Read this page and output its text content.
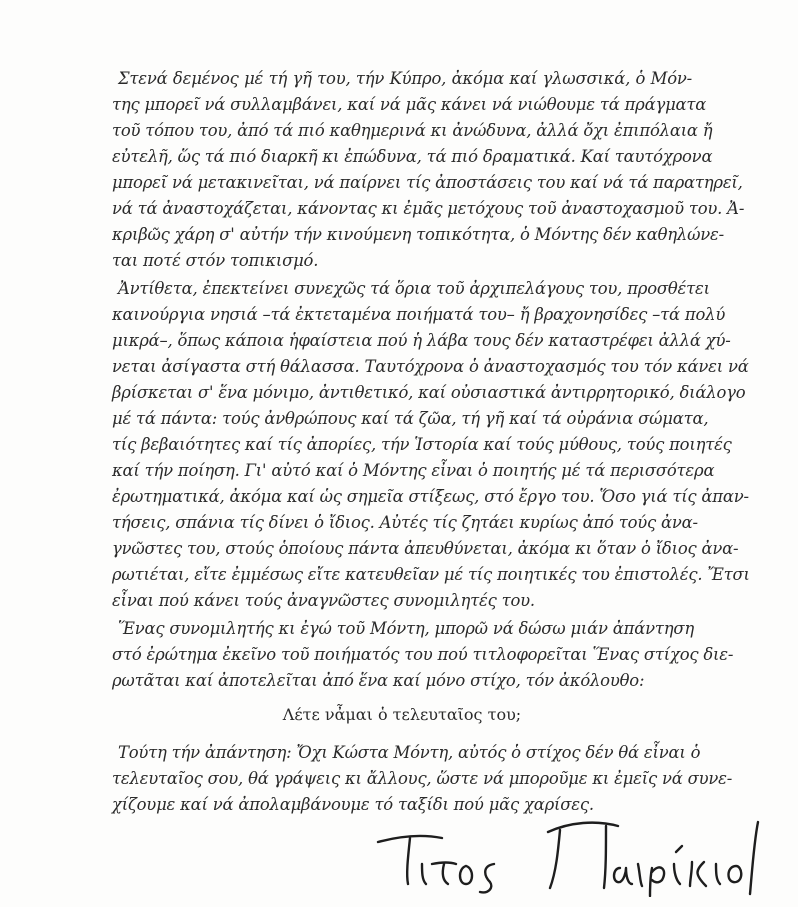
Στενά δεμένος μέ τή γῆ του, τήν Κύπρο, ἀκόμα καί γλωσσικά, ὁ Μόν-
της μπορεῖ νά συλλαμβάνει, καί νά μᾶς κάνει νά νιώθουμε τά πράγματα
τοῦ τόπου του, ἀπό τά πιό καθημερινά κι ἀνώδυνα, ἀλλά ὄχι ἐπιπόλαια ἤ
εὐτελῆ, ὥς τά πιό διαρκῆ κι ἐπώδυνα, τά πιό δραματικά. Καί ταυτόχρονα
μπορεῖ νά μετακινεῖται, νά παίρνει τίς ἀποστάσεις του καί νά τά παρατηρεῖ,
νά τά ἀναστοχάζεται, κάνοντας κι ἐμᾶς μετόχους τοῦ ἀναστοχασμοῦ του. Ἀ-
κριβῶς χάρη σ' αὐτήν τήν κινούμενη τοπικότητα, ὁ Μόντης δέν καθηλώνε-
ται ποτέ στόν τοπικισμό.
Ἀντίθετα, ἐπεκτείνει συνεχῶς τά ὅρια τοῦ ἀρχιπελάγους του, προσθέτει
καινούργια νησιά –τά ἐκτεταμένα ποιήματά του– ἤ βραχονησίδες –τά πολύ
μικρά–, ὅπως κάποια ἡφαίστεια πού ἡ λάβα τους δέν καταστρέφει ἀλλά χύ-
νεται ἀσίγαστα στή θάλασσα. Ταυτόχρονα ὁ ἀναστοχασμός του τόν κάνει νά
βρίσκεται σ' ἕνα μόνιμο, ἀντιθετικό, καί οὐσιαστικά ἀντιρρητορικό, διάλογο
μέ τά πάντα: τούς ἀνθρώπους καί τά ζῶα, τή γῆ καί τά οὐράνια σώματα,
τίς βεβαιότητες καί τίς ἀπορίες, τήν Ἱστορία καί τούς μύθους, τούς ποιητές
καί τήν ποίηση. Γι' αὐτό καί ὁ Μόντης εἶναι ὁ ποιητής μέ τά περισσότερα
ἐρωτηματικά, ἀκόμα καί ὡς σημεῖα στίξεως, στό ἔργο του. Ὅσο γιά τίς ἀπαν-
τήσεις, σπάνια τίς δίνει ὁ ἴδιος. Αὐτές τίς ζητάει κυρίως ἀπό τούς ἀνα-
γνῶστες του, στούς ὁποίους πάντα ἀπευθύνεται, ἀκόμα κι ὅταν ὁ ἴδιος ἀνα-
ρωτιέται, εἴτε ἐμμέσως εἴτε κατευθεῖαν μέ τίς ποιητικές του ἐπιστολές. Ἔτσι
εἶναι πού κάνει τούς ἀναγνῶστες συνομιλητές του.
Ἕνας συνομιλητής κι ἐγώ τοῦ Μόντη, μπορῶ νά δώσω μιάν ἀπάντηση
στό ἐρώτημα ἐκεῖνο τοῦ ποιήματός του πού τιτλοφορεῖται Ἕνας στίχος διε-
ρωτᾶται καί ἀποτελεῖται ἀπό ἕνα καί μόνο στίχο, τόν ἀκόλουθο:
Λέτε νἆμαι ὁ τελευταῖος του;
Τούτη τήν ἀπάντηση: Ὄχι Κώστα Μόντη, αὐτός ὁ στίχος δέν θά εἶναι ὁ
τελευταῖος σου, θά γράψεις κι ἄλλους, ὥστε νά μποροῦμε κι ἐμεῖς νά συνε-
χίζουμε καί νά ἀπολαμβάνουμε τό ταξίδι πού μᾶς χαρίσες.
